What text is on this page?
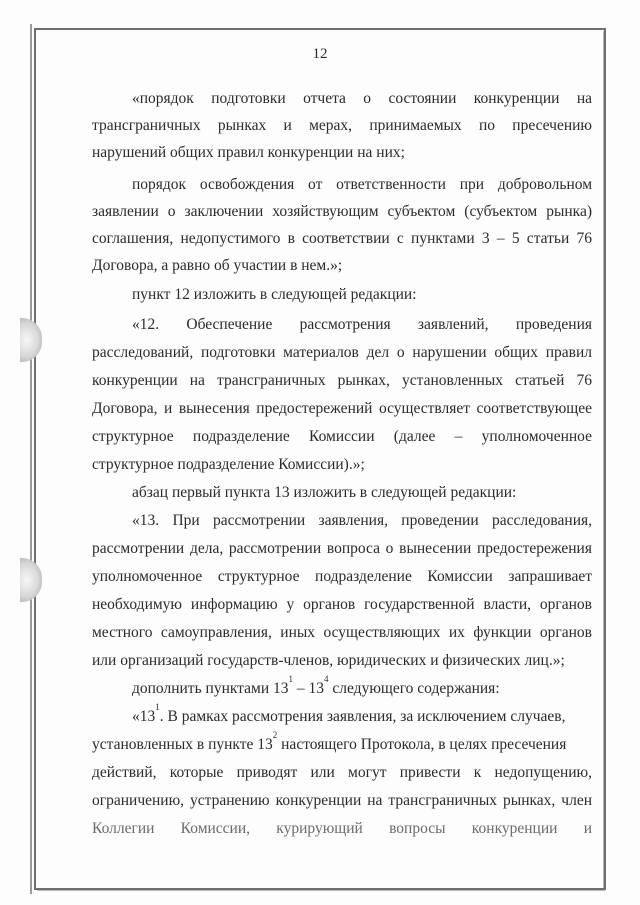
12
«порядок подготовки отчета о состоянии конкуренции на
трансграничных рынках и мерах, принимаемых по пресечению
нарушений общих правил конкуренции на них;
порядок освобождения от ответственности при добровольном
заявлении о заключении хозяйствующим субъектом (субъектом рынка)
соглашения, недопустимого в соответствии с пунктами 3 – 5 статьи 76
Договора, а равно об участии в нем.»;
пункт 12 изложить в следующей редакции:
«12. Обеспечение рассмотрения заявлений, проведения
расследований, подготовки материалов дел о нарушении общих правил
конкуренции на трансграничных рынках, установленных статьей 76
Договора, и вынесения предостережений осуществляет соответствующее
структурное подразделение Комиссии (далее – уполномоченное
структурное подразделение Комиссии).»;
абзац первый пункта 13 изложить в следующей редакции:
«13. При рассмотрении заявления, проведении расследования,
рассмотрении дела, рассмотрении вопроса о вынесении предостережения
уполномоченное структурное подразделение Комиссии запрашивает
необходимую информацию у органов государственной власти, органов
местного самоуправления, иных осуществляющих их функции органов
или организаций государств-членов, юридических и физических лиц.»;
дополнить пунктами $13^1 - 13^4$ следующего содержания:
«$13^1$. В рамках рассмотрения заявления, за исключением случаев,
установленных в пункте $13^2$ настоящего Протокола, в целях пресечения
действий, которые приводят или могут привести к недопущению,
ограничению, устранению конкуренции на трансграничных рынках, член
Коллегии Комиссии, курирующий вопросы конкуренции и
